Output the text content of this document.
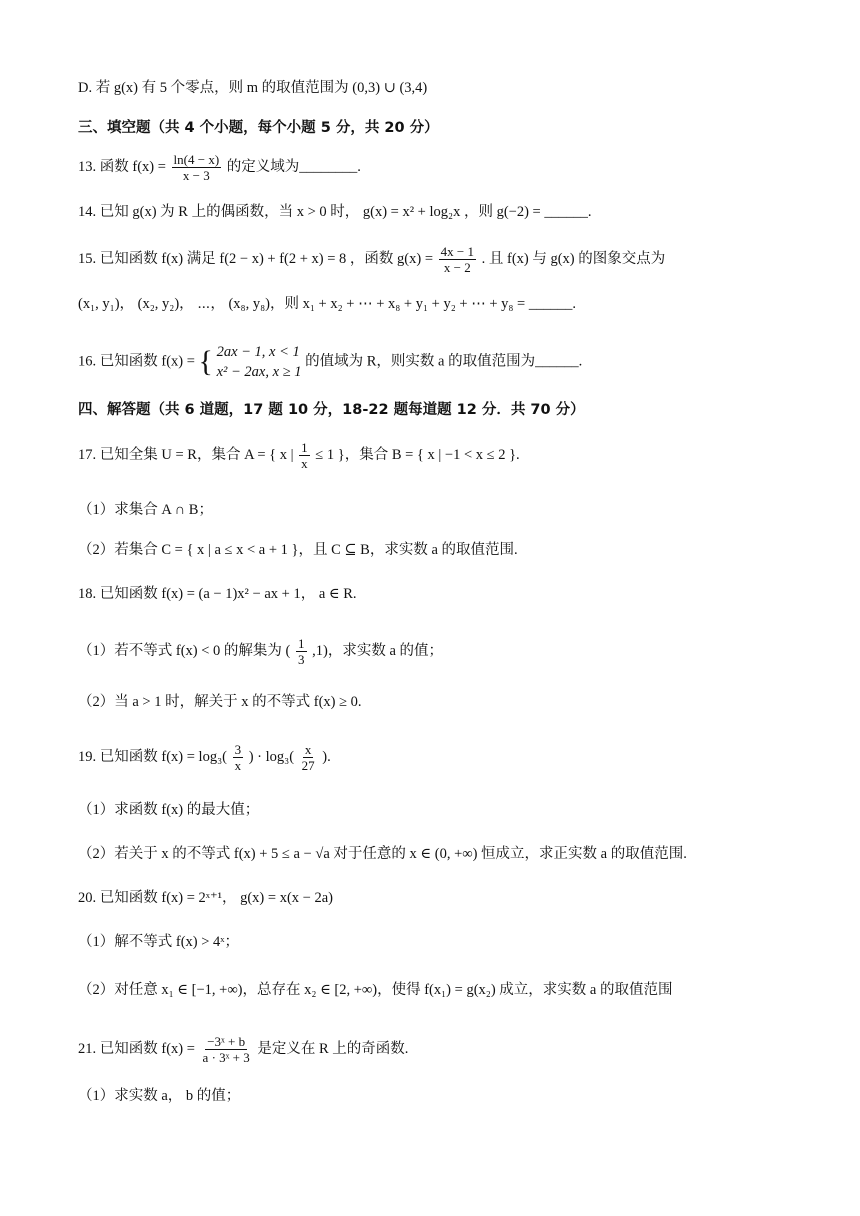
D. 若 g(x) 有 5 个零点，则 m 的取值范围为 (0,3) ∪ (3,4)
三、填空题（共 4 个小题，每个小题 5 分，共 20 分）
13. 函数 $f(x) = \frac{\ln(4 - x)}{x - 3}$ 的定义域为________.
14. 已知 g(x) 为 R 上的偶函数，当 x > 0 时， g(x) = x² + log₂x ，则 g(−2) = ______.
15. 已知函数 f(x) 满足 f(2 − x) + f(2 + x) = 8 ，函数 $g(x) = \frac{4x - 1}{x - 2}$ . 且 f(x) 与 g(x) 的图象交点为
(x₁, y₁)， (x₂, y₂)， ⋯， (x₈, y₈)，则 x₁ + x₂ + ⋯ + x₈ + y₁ + y₂ + ⋯ + y₈ = ______.
16. 已知函数 f(x) = { 2ax − 1, x < 1
x² − 2ax, x ≥ 1
的值域为 R，则实数 a 的取值范围为______.
四、解答题（共 6 道题，17 题 10 分，18-22 题每道题 12 分．共 70 分）
17. 已知全集 U = R，集合 A = { x | $\frac{1}{x} \le 1$ }，集合 B = { x | −1 < x ≤ 2 }.
（1）求集合 A ∩ B；
（2）若集合 C = { x | a ≤ x < a + 1 }，且 C ⊆ B，求实数 a 的取值范围.
18. 已知函数 f(x) = (a − 1)x² − ax + 1， a ∈ R.
（1）若不等式 f(x) < 0 的解集为 ( $\frac{1}{3} ,1$)，求实数 a 的值；
（2）当 a > 1 时，解关于 x 的不等式 f(x) ≥ 0.
19. 已知函数 $f(x) = \log_3( \frac{3}{x}$ ) · $\log_3( \frac{x}{27}$ ).
（1）求函数 f(x) 的最大值；
（2）若关于 x 的不等式 f(x) + 5 ≤ a − √a 对于任意的 x ∈ (0, +∞) 恒成立，求正实数 a 的取值范围.
20. 已知函数 f(x) = 2ˣ⁺¹， g(x) = x(x − 2a)
（1）解不等式 f(x) > 4ˣ；
（2）对任意 x₁ ∈ [−1, +∞)，总存在 x₂ ∈ [2, +∞)，使得 f(x₁) = g(x₂) 成立，求实数 a 的取值范围
21. 已知函数 $f(x) = \frac{\text{−3ˣ + b}}{\text{a · 3ˣ + 3}}$ 是定义在 R 上的奇函数.
（1）求实数 a， b 的值；
